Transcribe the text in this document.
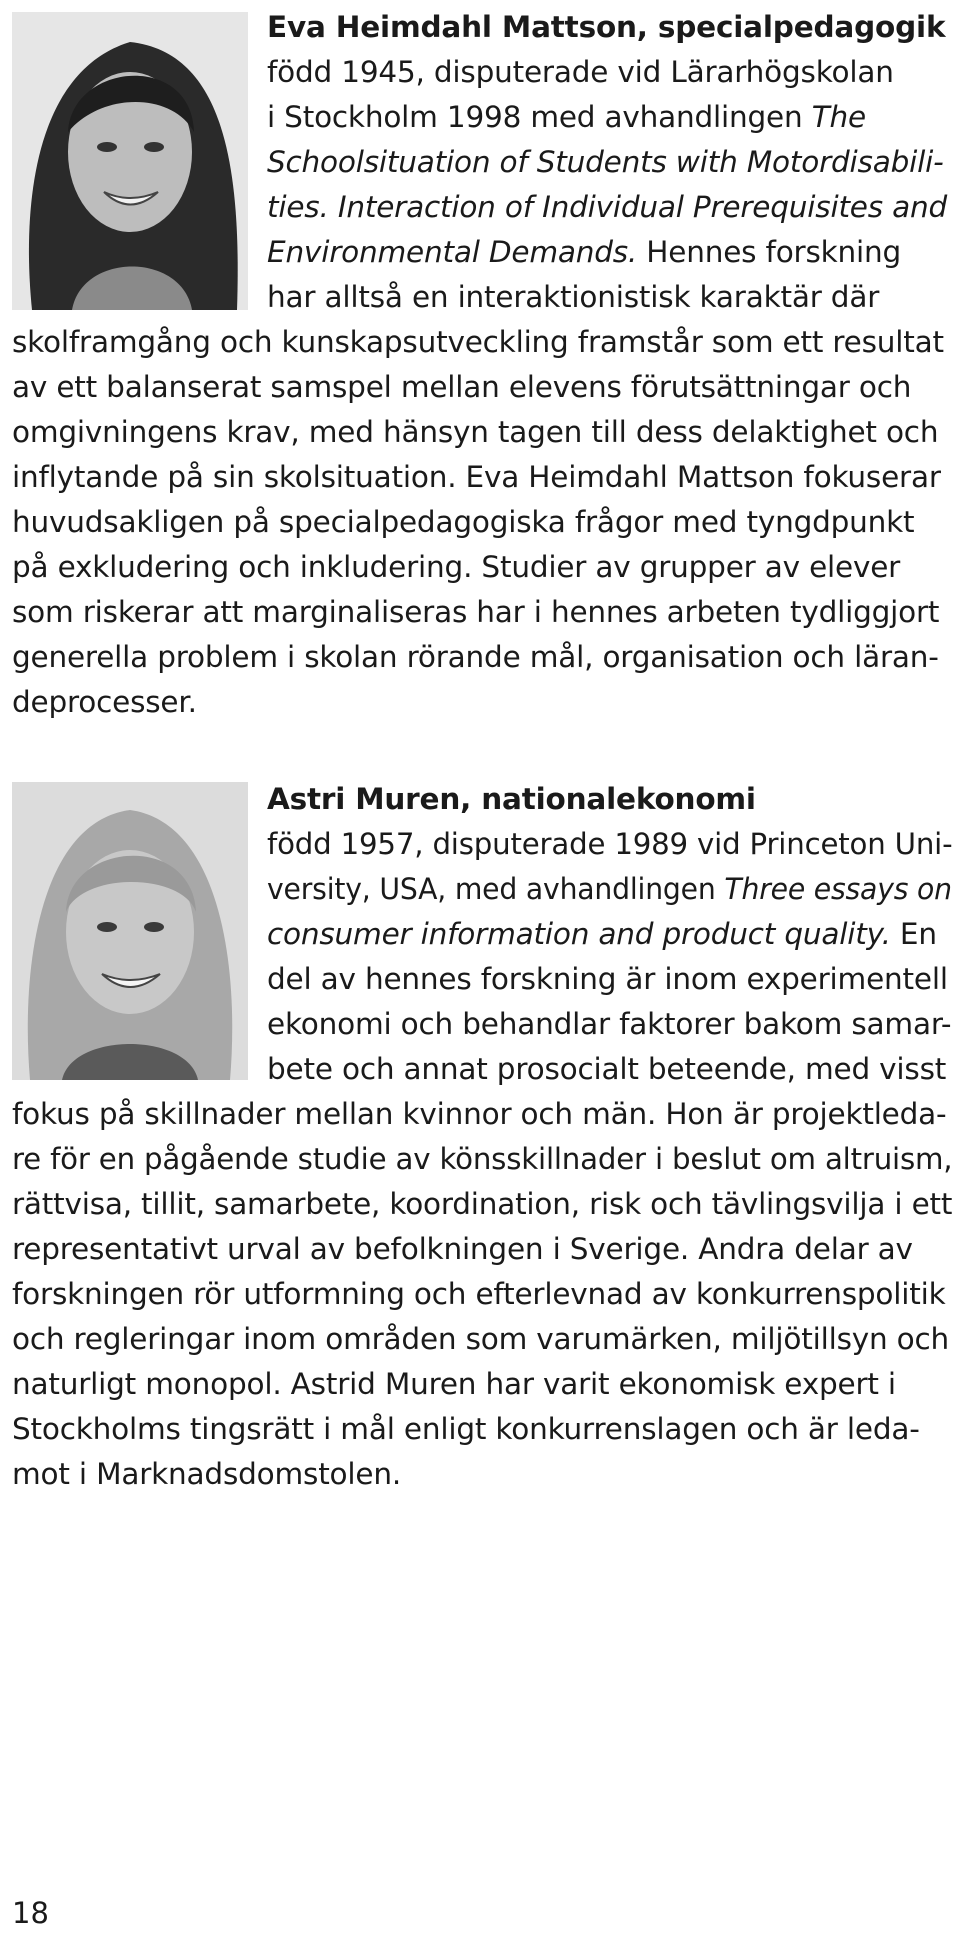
Eva Heimdahl Mattson, specialpedagogik
född 1945, disputerade vid Lärarhögskolan
i Stockholm 1998 med avhandlingen The
Schoolsituation of Students with Motordisabili-
ties. Interaction of Individual Prerequisites and
Environmental Demands. Hennes forskning
har alltså en interaktionistisk karaktär där
skolframgång och kunskapsutveckling framstår som ett resultat
av ett balanserat samspel mellan elevens förutsättningar och
omgivningens krav, med hänsyn tagen till dess delaktighet och
inflytande på sin skolsituation. Eva Heimdahl Mattson fokuserar
huvudsakligen på specialpedagogiska frågor med tyngdpunkt
på exkludering och inkludering. Studier av grupper av elever
som riskerar att marginaliseras har i hennes arbeten tydliggjort
generella problem i skolan rörande mål, organisation och läran-
deprocesser.
Astri Muren, nationalekonomi
född 1957, disputerade 1989 vid Princeton Uni-
versity, USA, med avhandlingen Three essays on
consumer information and product quality. En
del av hennes forskning är inom experimentell
ekonomi och behandlar faktorer bakom samar-
bete och annat prosocialt beteende, med visst
fokus på skillnader mellan kvinnor och män. Hon är projektleda-
re för en pågående studie av könsskillnader i beslut om altruism,
rättvisa, tillit, samarbete, koordination, risk och tävlingsvilja i ett
representativt urval av befolkningen i Sverige. Andra delar av
forskningen rör utformning och efterlevnad av konkurrenspolitik
och regleringar inom områden som varumärken, miljötillsyn och
naturligt monopol. Astrid Muren har varit ekonomisk expert i
Stockholms tingsrätt i mål enligt konkurrenslagen och är leda-
mot i Marknadsdomstolen.
18
